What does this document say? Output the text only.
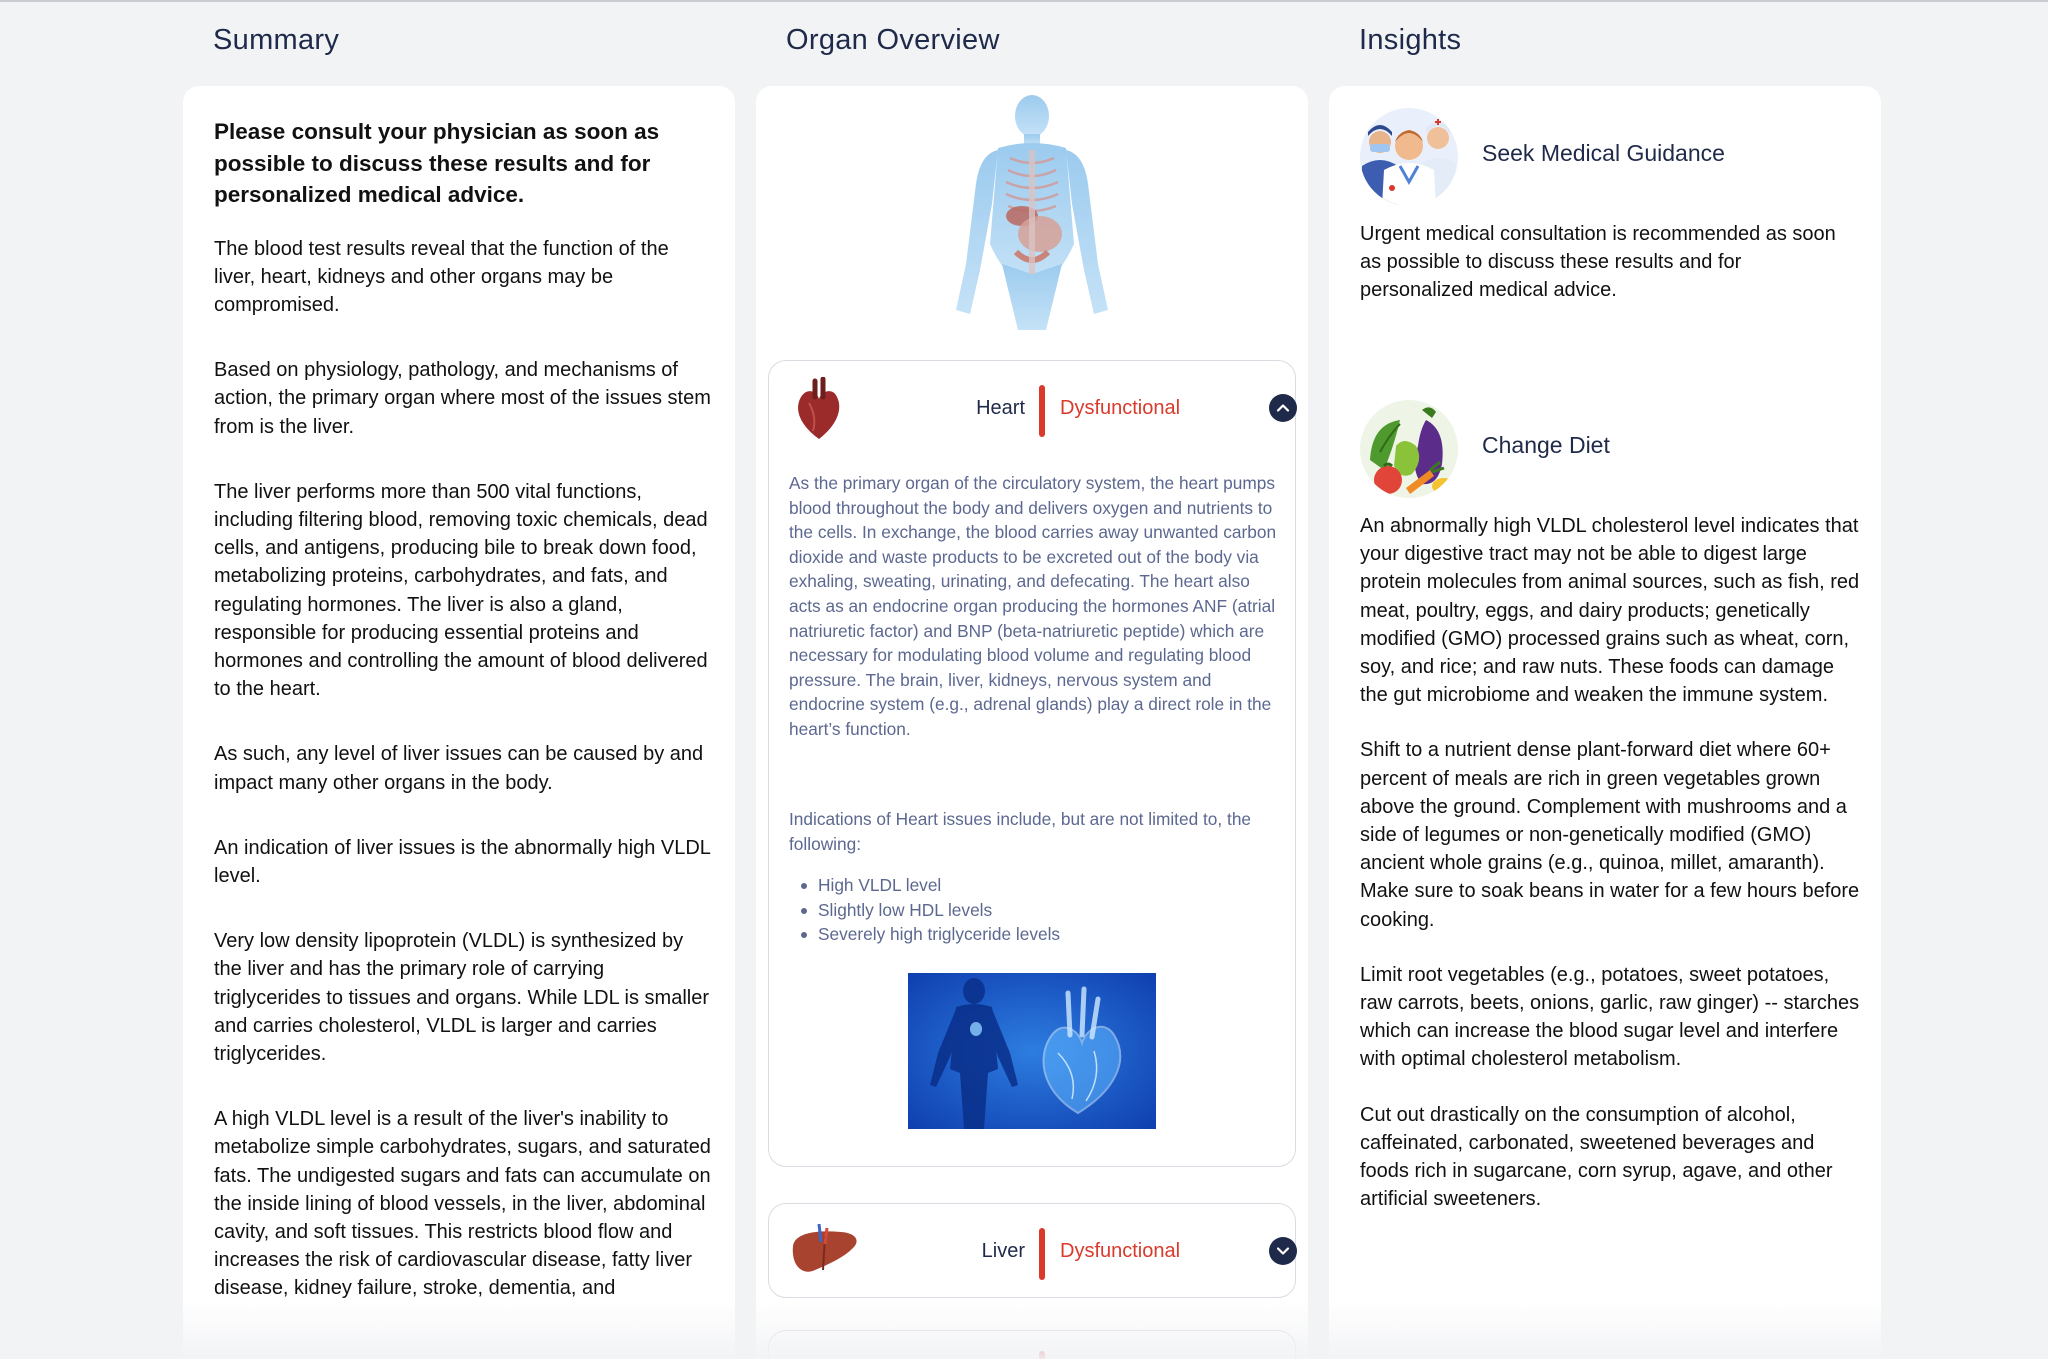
Summary	Organ Overview	Insights
Please consult your physician as soon as possible to discuss these results and for personalized medical advice.
The blood test results reveal that the function of the liver, heart, kidneys and other organs may be compromised.
Based on physiology, pathology, and mechanisms of action, the primary organ where most of the issues stem from is the liver.
The liver performs more than 500 vital functions, including filtering blood, removing toxic chemicals, dead cells, and antigens, producing bile to break down food, metabolizing proteins, carbohydrates, and fats, and regulating hormones. The liver is also a gland, responsible for producing essential proteins and hormones and controlling the amount of blood delivered to the heart.
As such, any level of liver issues can be caused by and impact many other organs in the body.
An indication of liver issues is the abnormally high VLDL level.
Very low density lipoprotein (VLDL) is synthesized by the liver and has the primary role of carrying triglycerides to tissues and organs. While LDL is smaller and carries cholesterol, VLDL is larger and carries triglycerides.
A high VLDL level is a result of the liver's inability to metabolize simple carbohydrates, sugars, and saturated fats. The undigested sugars and fats can accumulate on the inside lining of blood vessels, in the liver, abdominal cavity, and soft tissues. This restricts blood flow and increases the risk of cardiovascular disease, fatty liver disease, kidney failure, stroke, dementia, and
Heart Dysfunctional
As the primary organ of the circulatory system, the heart pumps blood throughout the body and delivers oxygen and nutrients to the cells. In exchange, the blood carries away unwanted carbon dioxide and waste products to be excreted out of the body via exhaling, sweating, urinating, and defecating. The heart also acts as an endocrine organ producing the hormones ANF (atrial natriuretic factor) and BNP (beta-natriuretic peptide) which are necessary for modulating blood volume and regulating blood pressure. The brain, liver, kidneys, nervous system and endocrine system (e.g., adrenal glands) play a direct role in the heart’s function.
Indications of Heart issues include, but are not limited to, the following:
High VLDL level
Slightly low HDL levels
Severely high triglyceride levels
Liver Dysfunctional
Seek Medical Guidance

Urgent medical consultation is recommended as soon as possible to discuss these results and for personalized medical advice.

Change Diet

An abnormally high VLDL cholesterol level indicates that your digestive tract may not be able to digest large protein molecules from animal sources, such as fish, red meat, poultry, eggs, and dairy products; genetically modified (GMO) processed grains such as wheat, corn, soy, and rice; and raw nuts. These foods can damage the gut microbiome and weaken the immune system.

Shift to a nutrient dense plant-forward diet where 60+ percent of meals are rich in green vegetables grown above the ground. Complement with mushrooms and a side of legumes or non-genetically modified (GMO) ancient whole grains (e.g., quinoa, millet, amaranth). Make sure to soak beans in water for a few hours before cooking.

Limit root vegetables (e.g., potatoes, sweet potatoes, raw carrots, beets, onions, garlic, raw ginger) -- starches which can increase the blood sugar level and interfere with optimal cholesterol metabolism.

Cut out drastically on the consumption of alcohol, caffeinated, carbonated, sweetened beverages and foods rich in sugarcane, corn syrup, agave, and other artificial sweeteners.
